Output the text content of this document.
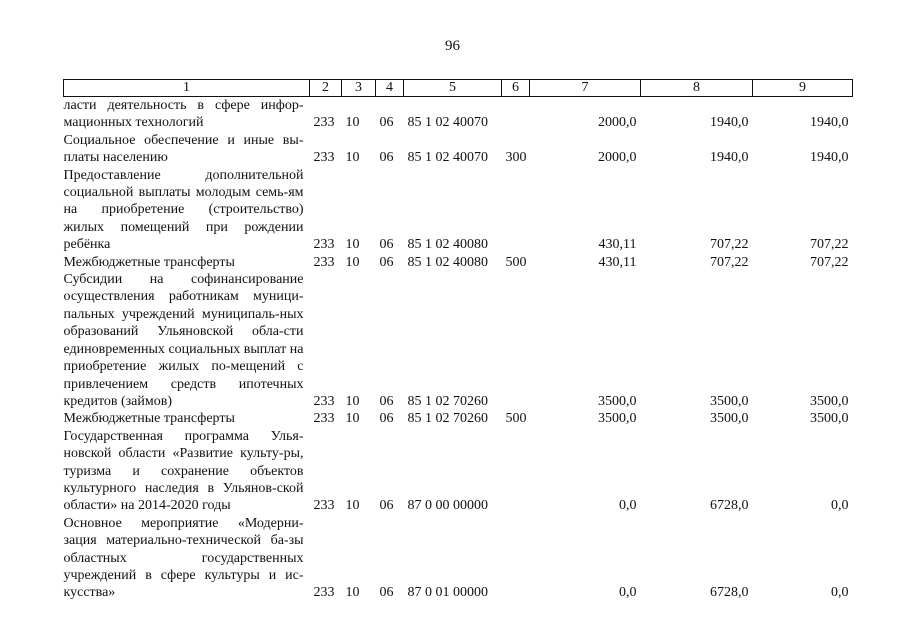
96
1	2	3	4	5	6	7	8	9
ласти деятельность в сфере инфор-мационных технологий	233	10	06	85 1 02 40070		2000,0	1940,0	1940,0
Социальное обеспечение и иные вы-платы населению	233	10	06	85 1 02 40070	300	2000,0	1940,0	1940,0
Предоставление дополнительной социальной выплаты молодым семь-ям на приобретение (строительство) жилых помещений при рождении ребёнка	233	10	06	85 1 02 40080		430,11	707,22	707,22
Межбюджетные трансферты	233	10	06	85 1 02 40080	500	430,11	707,22	707,22
Субсидии на софинансирование осуществления работникам муници-пальных учреждений муниципаль-ных образований Ульяновской обла-сти единовременных социальных выплат на приобретение жилых по-мещений с привлечением средств ипотечных кредитов (займов)	233	10	06	85 1 02 70260		3500,0	3500,0	3500,0
Межбюджетные трансферты	233	10	06	85 1 02 70260	500	3500,0	3500,0	3500,0
Государственная программа Улья-новской области «Развитие культу-ры, туризма и сохранение объектов культурного наследия в Ульянов-ской области» на 2014-2020 годы	233	10	06	87 0 00 00000		0,0	6728,0	0,0
Основное мероприятие «Модерни-зация материально-технической ба-зы областных государственных учреждений в сфере культуры и ис-кусства»	233	10	06	87 0 01 00000		0,0	6728,0	0,0
